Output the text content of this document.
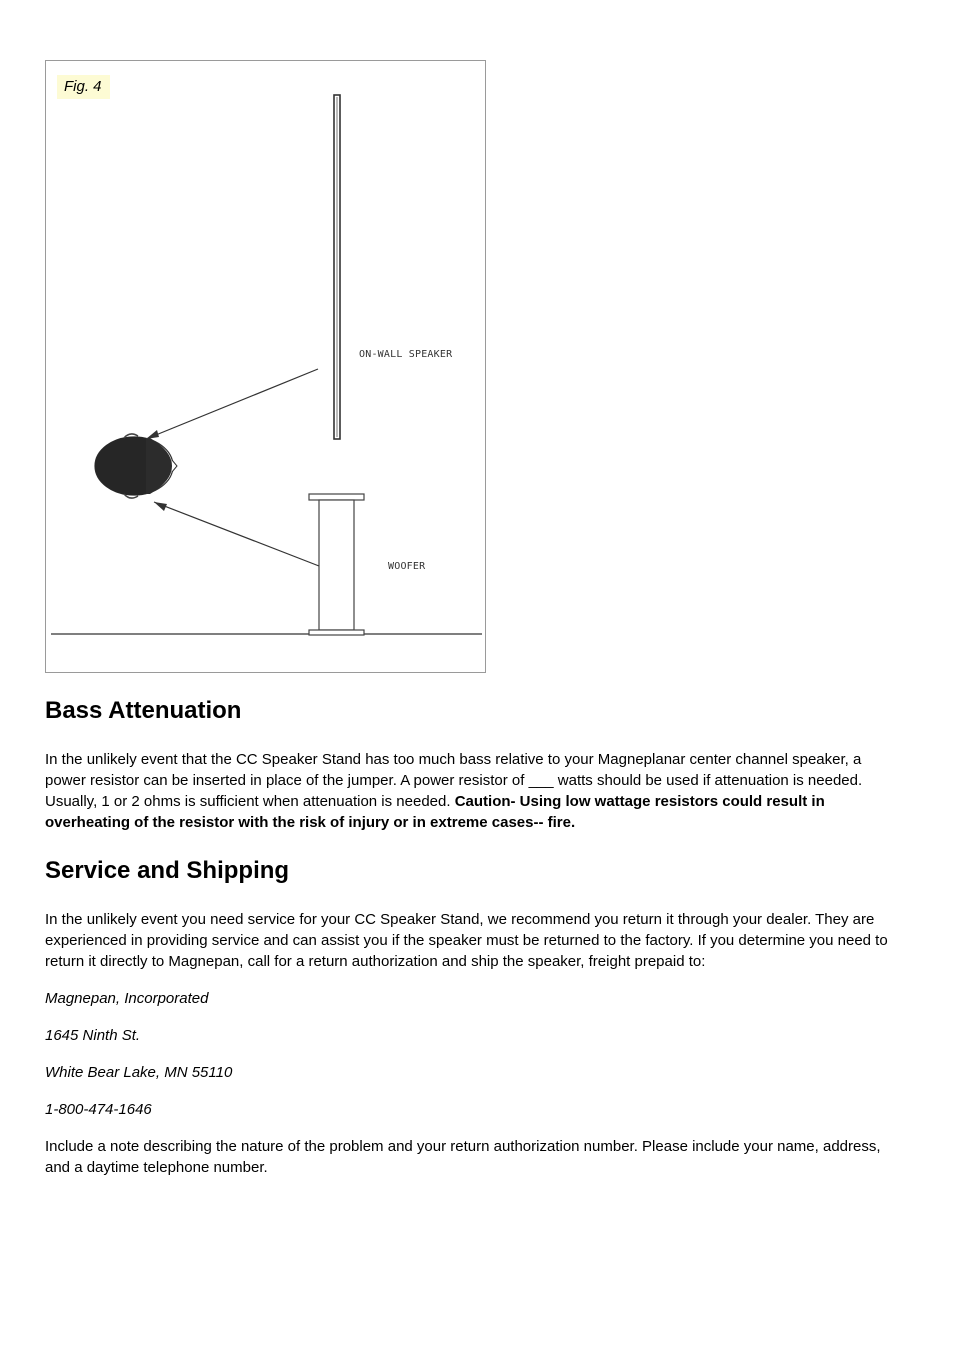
ON-WALL SPEAKER
WOOFER
Fig. 4
Bass Attenuation

In the unlikely event that the CC Speaker Stand has too much bass relative to your Magneplanar center channel speaker, a power resistor can be inserted in place of the jumper. A power resistor of ___ watts should be used if attenuation is needed. Usually, 1 or 2 ohms is sufficient when attenuation is needed. Caution- Using low wattage resistors could result in overheating of the resistor with the risk of injury or in extreme cases-- fire.

Service and Shipping

In the unlikely event you need service for your CC Speaker Stand, we recommend you return it through your dealer. They are experienced in providing service and can assist you if the speaker must be returned to the factory. If you determine you need to return it directly to Magnepan, call for a return authorization and ship the speaker, freight prepaid to:

Magnepan, Incorporated

1645 Ninth St.

White Bear Lake, MN 55110

1-800-474-1646

Include a note describing the nature of the problem and your return authorization number. Please include your name, address, and a daytime telephone number.
